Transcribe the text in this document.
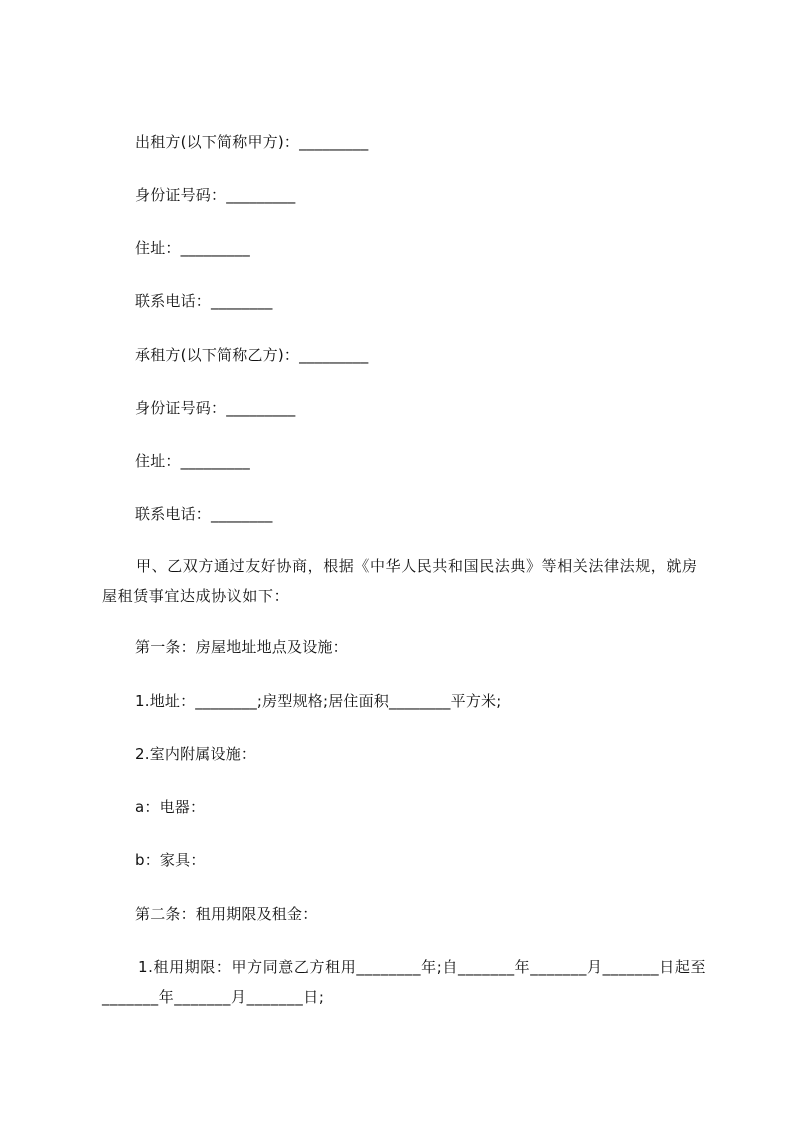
出租方(以下简称甲方)：_________
身份证号码：_________
住址：_________
联系电话：________
承租方(以下简称乙方)：_________
身份证号码：_________
住址：_________
联系电话：________
甲、乙双方通过友好协商，根据《中华人民共和国民法典》等相关法律法规，就房屋租赁事宜达成协议如下：
第一条：房屋地址地点及设施：
1.地址：________;房型规格;居住面积________平方米;
2.室内附属设施：
a：电器：
b：家具：
第二条：租用期限及租金：
1.租用期限：甲方同意乙方租用________年;自_______年_______月_______日起至_______年_______月_______日;
